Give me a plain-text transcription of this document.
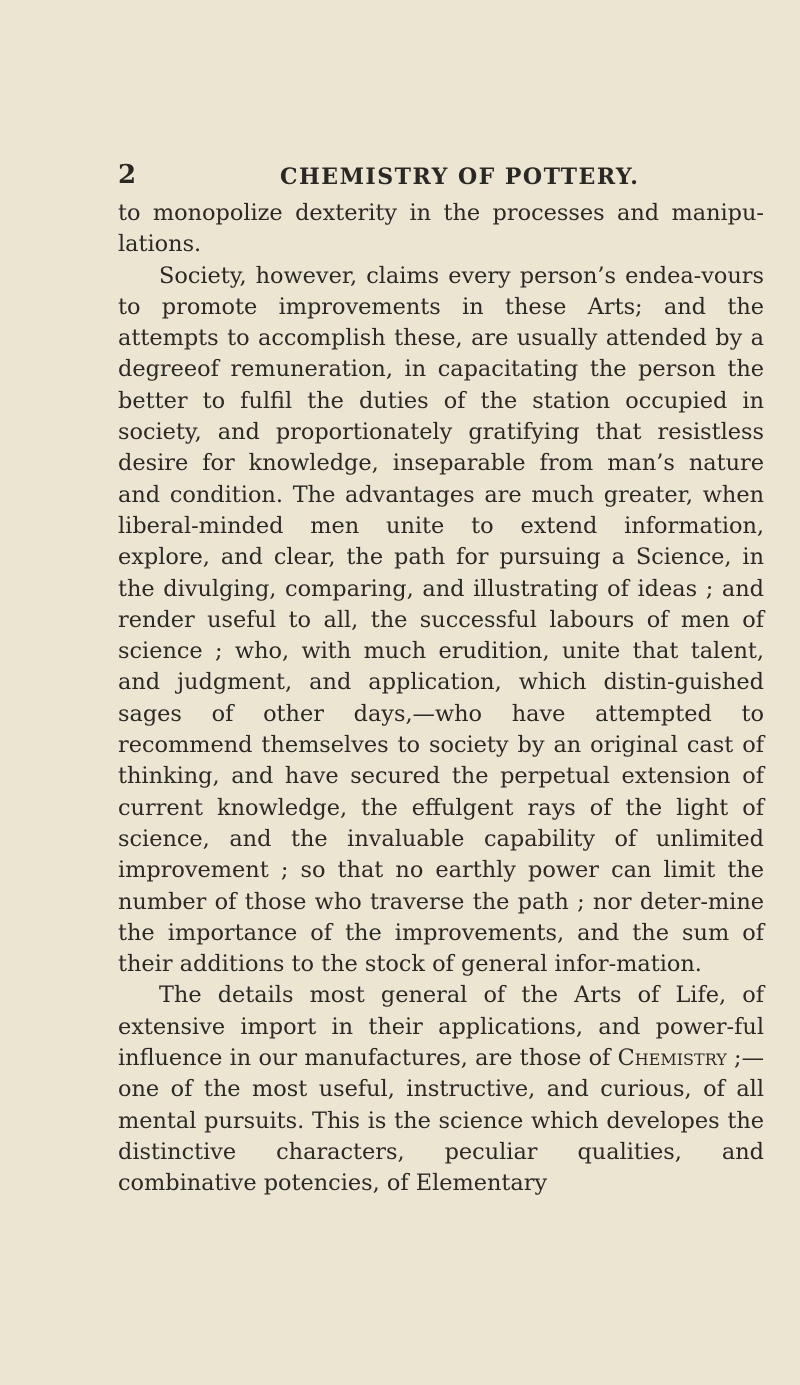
2	CHEMISTRY OF POTTERY.

to monopolize dexterity in the processes and manipu-lations.

Society, however, claims every person’s endea-vours to promote improvements in these Arts; and the attempts to accomplish these, are usually attended by a degreeof remuneration, in capacitating the person the better to fulfil the duties of the station occupied in society, and proportionately gratifying that resistless desire for knowledge, inseparable from man’s nature and condition. The advantages are much greater, when liberal-minded men unite to extend information, explore, and clear, the path for pursuing a Science, in the divulging, comparing, and illustrating of ideas ; and render useful to all, the successful labours of men of science ; who, with much erudition, unite that talent, and judgment, and application, which distin-guished sages of other days,—who have attempted to recommend themselves to society by an original cast of thinking, and have secured the perpetual extension of current knowledge, the effulgent rays of the light of science, and the invaluable capability of unlimited improvement ; so that no earthly power can limit the number of those who traverse the path ; nor deter-mine the importance of the improvements, and the sum of their additions to the stock of general infor-mation.

The details most general of the Arts of Life, of extensive import in their applications, and power-ful influence in our manufactures, are those of Chemistry ;—one of the most useful, instructive, and curious, of all mental pursuits. This is the science which developes the distinctive characters, peculiar qualities, and combinative potencies, of Elementary
